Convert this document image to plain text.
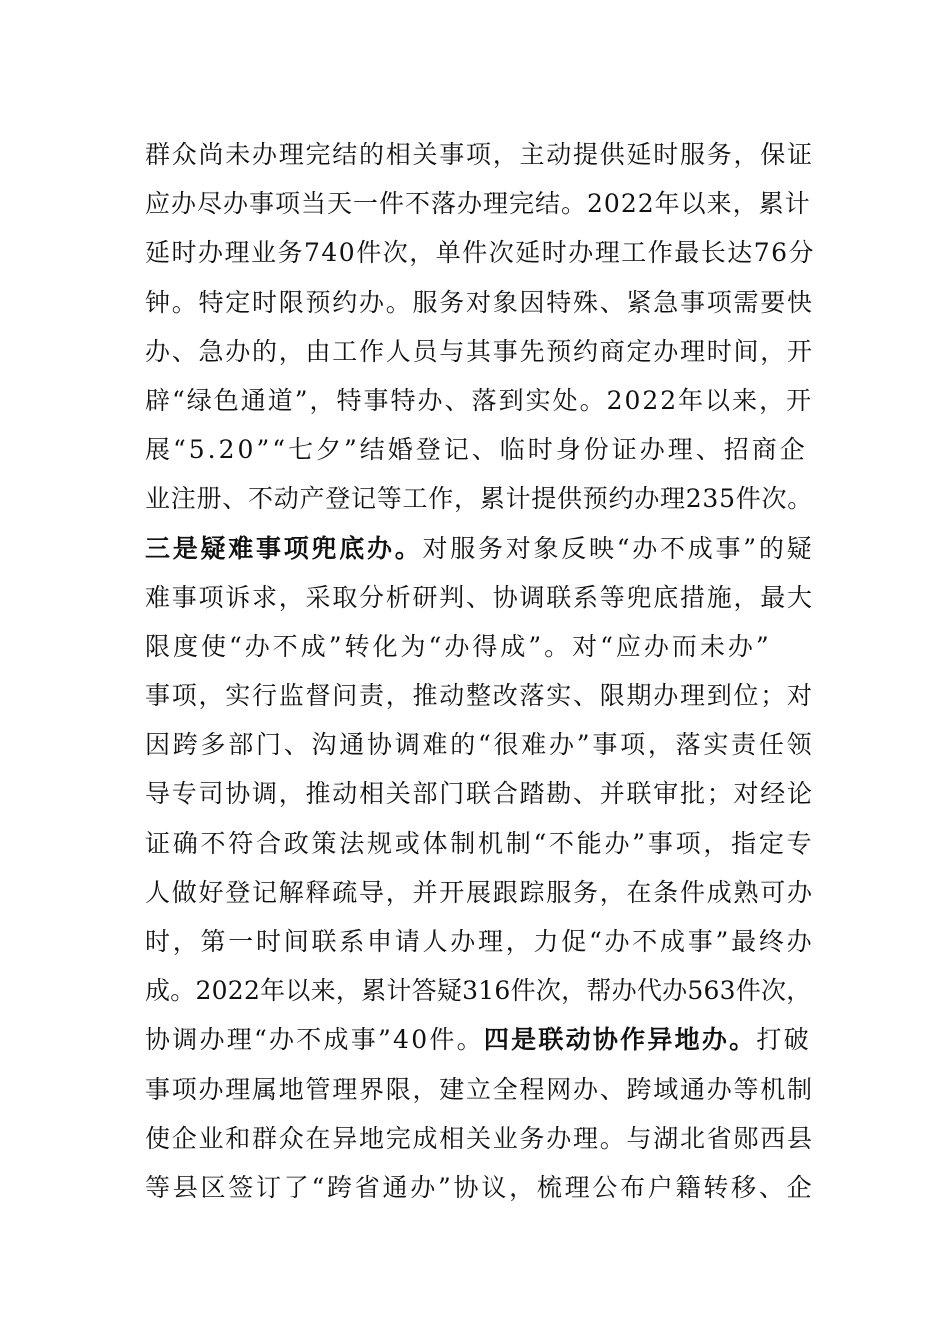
群众尚未办理完结的相关事项，主动提供延时服务，保证
应办尽办事项当天一件不落办理完结。2022年以来，累计
延时办理业务740件次，单件次延时办理工作最长达76分
钟。特定时限预约办。服务对象因特殊、紧急事项需要快
办、急办的，由工作人员与其事先预约商定办理时间，开
辟“绿色通道”，特事特办、落到实处。2022年以来，开
展“5.20”“七夕”结婚登记、临时身份证办理、招商企
业注册、不动产登记等工作，累计提供预约办理235件次。
三是疑难事项兜底办。对服务对象反映“办不成事”的疑
难事项诉求，采取分析研判、协调联系等兜底措施，最大
限度使“办不成”转化为“办得成”。对“应办而未办”
事项，实行监督问责，推动整改落实、限期办理到位；对
因跨多部门、沟通协调难的“很难办”事项，落实责任领
导专司协调，推动相关部门联合踏勘、并联审批；对经论
证确不符合政策法规或体制机制“不能办”事项，指定专
人做好登记解释疏导，并开展跟踪服务，在条件成熟可办
时，第一时间联系申请人办理，力促“办不成事”最终办
成。2022年以来，累计答疑316件次，帮办代办563件次，
协调办理“办不成事”40件。四是联动协作异地办。打破
事项办理属地管理界限，建立全程网办、跨域通办等机制
使企业和群众在异地完成相关业务办理。与湖北省郧西县
等县区签订了“跨省通办”协议，梳理公布户籍转移、企
